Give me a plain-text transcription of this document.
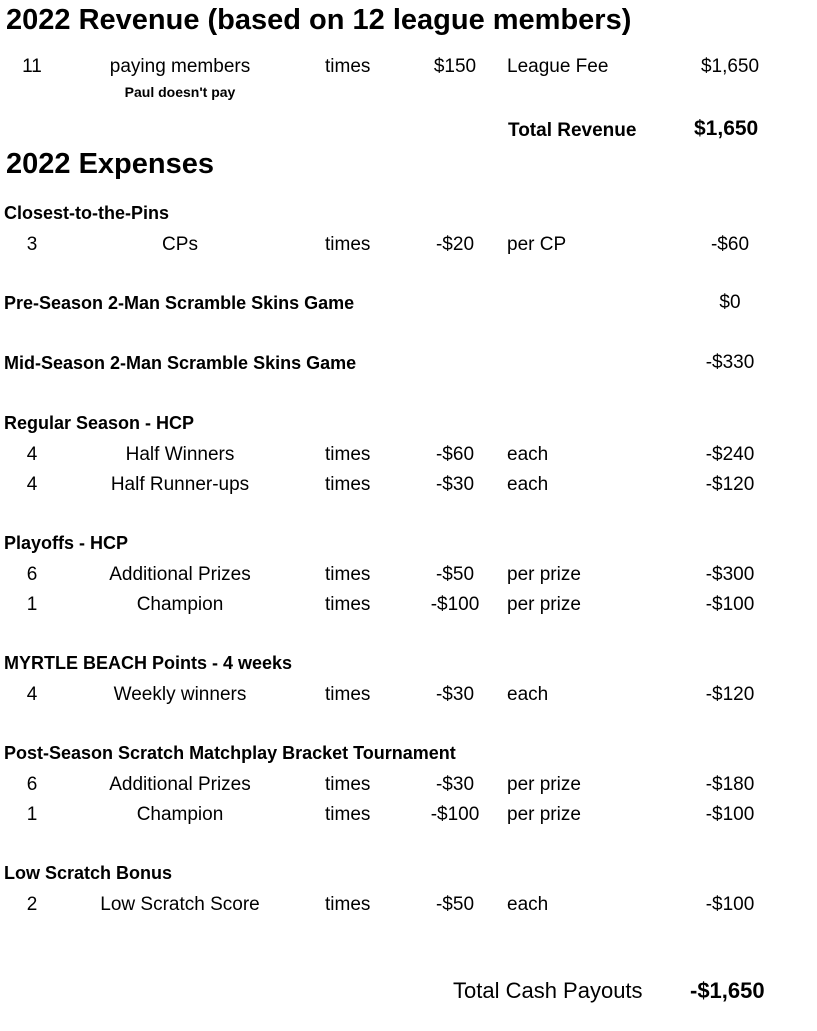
2022 Revenue (based on 12 league members)
11	paying members	times	$150	League Fee	$1,650
Paul doesn't pay
Total Revenue	$1,650
2022 Expenses
Closest-to-the-Pins
3	CPs	times	-$20	per CP	-$60
Pre-Season 2-Man Scramble Skins Game	$0
Mid-Season 2-Man Scramble Skins Game	-$330
Regular Season - HCP
4	Half Winners	times	-$60	each	-$240
4	Half Runner-ups	times	-$30	each	-$120
Playoffs - HCP
6	Additional Prizes	times	-$50	per prize	-$300
1	Champion	times	-$100	per prize	-$100
MYRTLE BEACH Points - 4 weeks
4	Weekly winners	times	-$30	each	-$120
Post-Season Scratch Matchplay Bracket Tournament
6	Additional Prizes	times	-$30	per prize	-$180
1	Champion	times	-$100	per prize	-$100
Low Scratch Bonus
2	Low Scratch Score	times	-$50	each	-$100
Total Cash Payouts -$1,650
